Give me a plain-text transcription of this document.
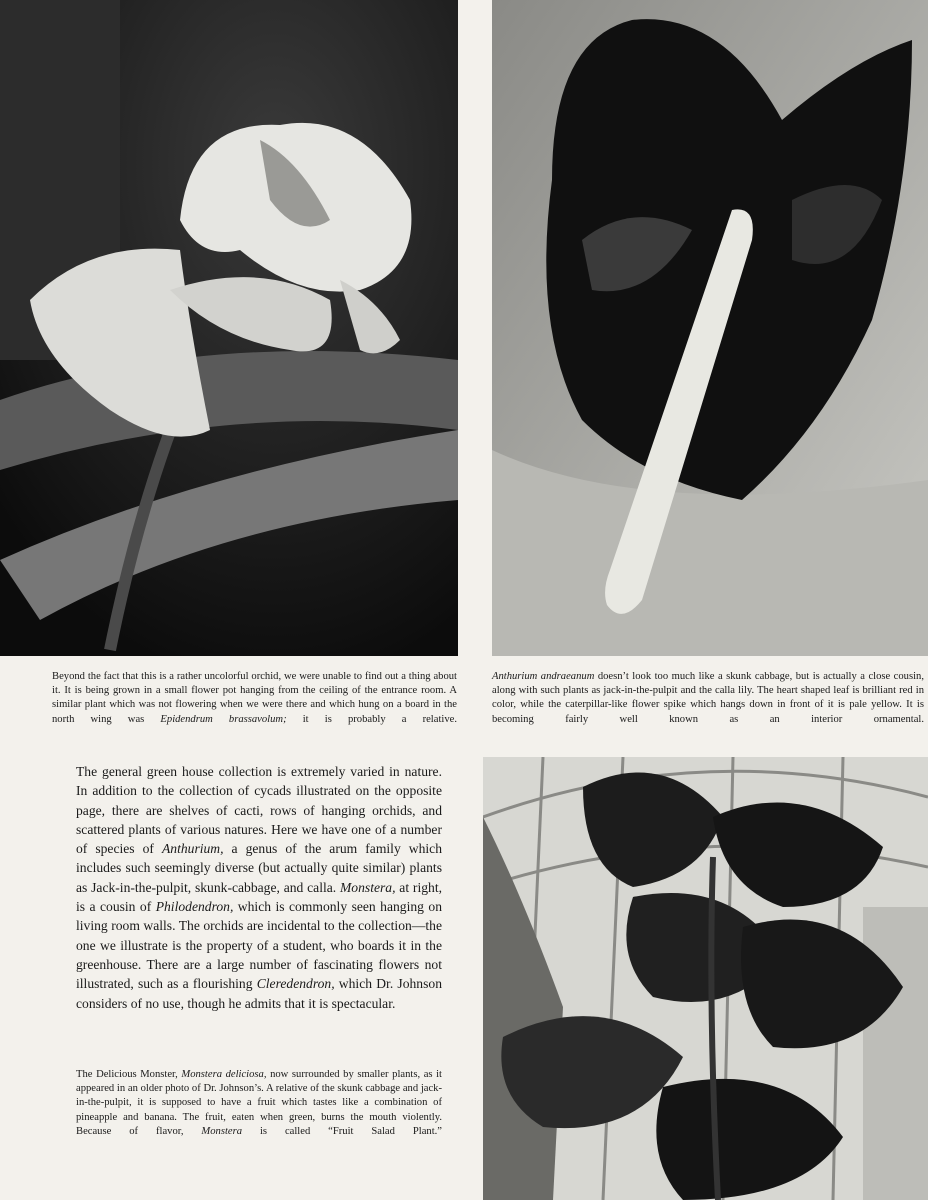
Beyond the fact that this is a rather uncolorful orchid, we were unable to find out a thing about it. It is being grown in a small flower pot hanging from the ceiling of the entrance room. A similar plant which was not flowering when we were there and which hung on a board in the north wing was Epidendrum brassavolum; it is probably a relative.
Anthurium andraeanum doesn’t look too much like a skunk cabbage, but is actually a close cousin, along with such plants as jack-in-the-pulpit and the calla lily. The heart shaped leaf is brilliant red in color, while the caterpillar-like flower spike which hangs down in front of it is pale yellow. It is becoming fairly well known as an interior ornamental.
The general green house collection is extremely varied in nature. In addition to the collection of cycads illustrated on the opposite page, there are shelves of cacti, rows of hanging orchids, and scattered plants of various natures. Here we have one of a number of species of Anthurium, a genus of the arum family which includes such seemingly diverse (but actually quite similar) plants as Jack-in-the-pulpit, skunk-cabbage, and calla. Monstera, at right, is a cousin of Philodendron, which is commonly seen hanging on living room walls. The orchids are incidental to the collection—the one we illustrate is the property of a student, who boards it in the greenhouse. There are a large number of fascinating flowers not illustrated, such as a flourishing Cleredendron, which Dr. Johnson considers of no use, though he admits that it is spectacular.
The Delicious Monster, Monstera deliciosa, now surrounded by smaller plants, as it appeared in an older photo of Dr. Johnson’s. A relative of the skunk cabbage and jack-in-the-pulpit, it is supposed to have a fruit which tastes like a combination of pineapple and banana. The fruit, eaten when green, burns the mouth violently. Because of flavor, Monstera is called “Fruit Salad Plant.”
